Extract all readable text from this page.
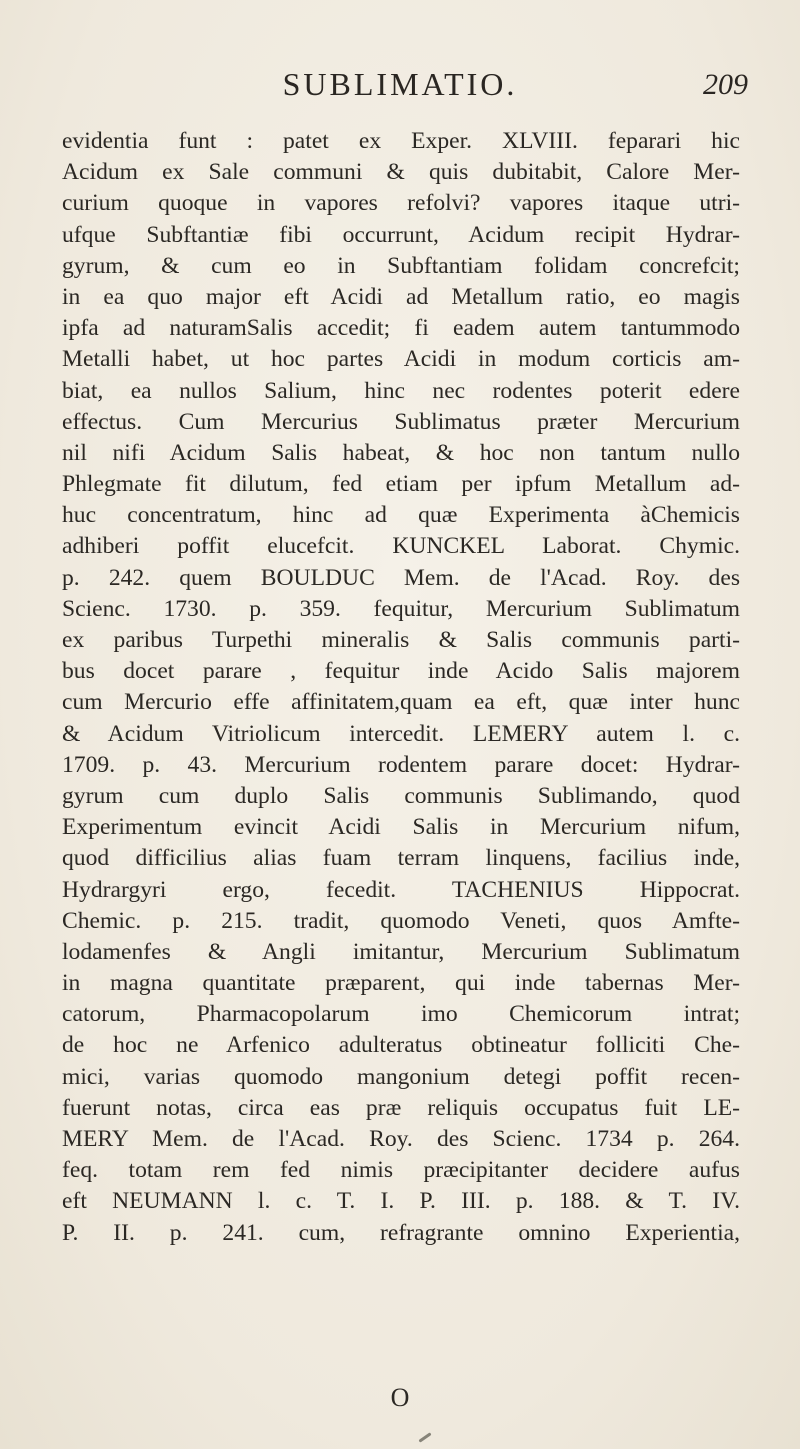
SUBLIMATIO.	209
evidentia funt : patet ex Exper. XLVIII. feparari hic
Acidum ex Sale communi & quis dubitabit, Calore Mer-
curium quoque in vapores refolvi? vapores itaque utri-
ufque Subftantiæ fibi occurrunt, Acidum recipit Hydrar-
gyrum, & cum eo in Subftantiam folidam concrefcit;
in ea quo major eft Acidi ad Metallum ratio, eo magis
ipfa ad naturamSalis accedit; fi eadem autem tantummodo
Metalli habet, ut hoc partes Acidi in modum corticis am-
biat, ea nullos Salium, hinc nec rodentes poterit edere
effectus. Cum Mercurius Sublimatus præter Mercurium
nil nifi Acidum Salis habeat, & hoc non tantum nullo
Phlegmate fit dilutum, fed etiam per ipfum Metallum ad-
huc concentratum, hinc ad quæ Experimenta àChemicis
adhiberi poffit elucefcit. KUNCKEL Laborat. Chymic.
p. 242. quem BOULDUC Mem. de l'Acad. Roy. des
Scienc. 1730. p. 359. fequitur, Mercurium Sublimatum
ex paribus Turpethi mineralis & Salis communis parti-
bus docet parare , fequitur inde Acido Salis majorem
cum Mercurio effe affinitatem,quam ea eft, quæ inter hunc
& Acidum Vitriolicum intercedit. LEMERY autem l. c.
1709. p. 43. Mercurium rodentem parare docet: Hydrar-
gyrum cum duplo Salis communis Sublimando, quod
Experimentum evincit Acidi Salis in Mercurium nifum,
quod difficilius alias fuam terram linquens, facilius inde,
Hydrargyri ergo, fecedit. TACHENIUS Hippocrat.
Chemic. p. 215. tradit, quomodo Veneti, quos Amfte-
lodamenfes & Angli imitantur, Mercurium Sublimatum
in magna quantitate præparent, qui inde tabernas Mer-
catorum, Pharmacopolarum imo Chemicorum intrat;
de hoc ne Arfenico adulteratus obtineatur folliciti Che-
mici, varias quomodo mangonium detegi poffit recen-
fuerunt notas, circa eas præ reliquis occupatus fuit LE-
MERY Mem. de l'Acad. Roy. des Scienc. 1734 p. 264.
feq. totam rem fed nimis præcipitanter decidere aufus
eft NEUMANN l. c. T. I. P. III. p. 188. & T. IV.
P. II. p. 241. cum, refragrante omnino Experientia,
O
